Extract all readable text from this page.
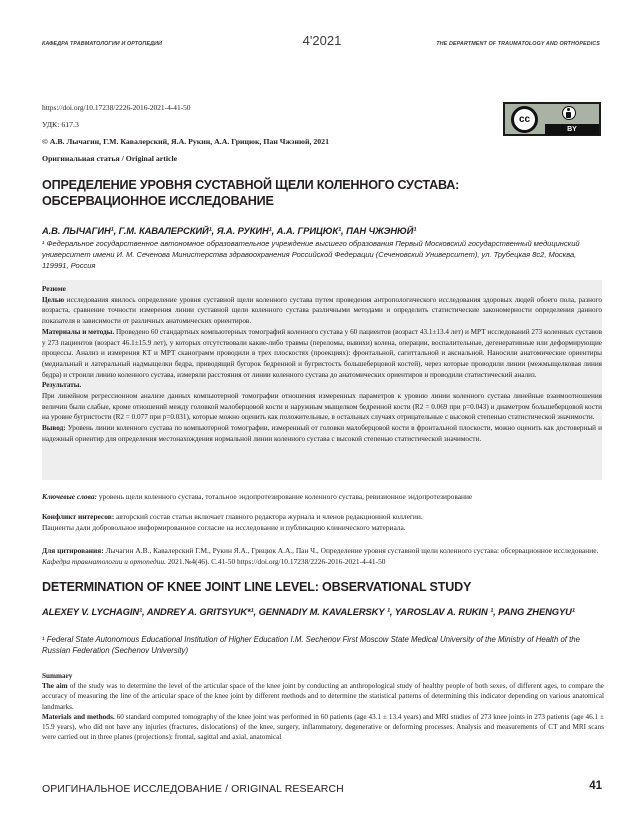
КАФЕДРА ТРАВМАТОЛОГИИ И ОРТОПЕДИИ	4'2021	THE DEPARTMENT OF TRAUMATOLOGY AND ORTHOPEDICS
https://doi.org/10.17238/2226-2016-2021-4-41-50
УДК: 617.3
© А.В. Лычагин, Г.М. Кавалерский, Я.А. Рукин, А.А. Грицюк, Пан Чжэнюй, 2021
Оригинальная статья / Original article
cc
BY
ОПРЕДЕЛЕНИЕ УРОВНЯ СУСТАВНОЙ ЩЕЛИ КОЛЕННОГО СУСТАВА: ОБСЕРВАЦИОННОЕ ИССЛЕДОВАНИЕ
А.В. ЛЫЧАГИН¹, Г.М. КАВАЛЕРСКИЙ¹, Я.А. РУКИН¹, А.А. ГРИЦЮК¹, ПАН ЧЖЭНЮЙ¹
¹ Федеральное государственное автономное образовательное учреждение высшего образования Первый Московский государственный медицинский университет имени И. М. Сеченова Министерства здравоохранения Российской Федерации (Сеченовский Университет), ул. Трубецкая 8с2, Москва, 119991, Россия
Резюме

Целью исследования явилось определение уровня суставной щели коленного сустава путем проведения антропологического исследования здоровых людей обоего пола, разного возраста, сравнение точности измерения линии суставной щели коленного сустава различными методами и определить статистические закономерности определения данного показателя в зависимости от различных анатомических ориентиров.

Материалы и методы. Проведено 60 стандартных компьютерных томографий коленного сустава у 60 пациентов (возраст 43.1±13.4 лет) и МРТ исследований 273 коленных суставов у 273 пациентов (возраст 46.1±15.9 лет), у которых отсутствовали какие-либо травмы (переломы, вывихи) колена, операции, воспалительные, дегенеративные или деформирующие процессы. Анализ и измерения КТ и МРТ сканограмм проводили в трех плоскостях (проекциях): фронтальной, сагиттальной и аксиальной. Наносили анатомические ориентиры (медиальный и латеральный надмыщелки бедра, приводящий бугорок бедренной и бугристость большеберцовой костей), через которые проводили линии (межмыщелковая линия бедра) и строили линию коленного сустава, измеряли расстояния от линии коленного сустава до анатомических ориентиров и проводили статистический анализ.

Результаты.

При линейном регрессионном анализе данных компьютерной томографии отношения измеренных параметров к уровню линии коленного сустава линейные взаимоотношения величин были слабые, кроме отношений между головкой малоберцовой кости и наружным мыщелком бедренной кости (R2 = 0.069 при p=0.043) и диаметром большеберцовой кости на уровне бугристости (R2 = 0.077 при p=0.031), которые можно оценить как положительные, в остальных случаях отрицательные с высокой степенью статистической значимости.

Вывод: Уровень линии коленного сустава по компьютерной томографии, измеренный от головки малоберцовой кости в фронтальной плоскости, можно оценить как достоверный и надежный ориентир для определения местонахождения нормальной линии коленного сустава с высокой степенью статистической значимости.

Ключевые слова: уровень щели коленного сустава, тотальное эндопротезирование коленного сустава, ревизионное эндопротезирование
Конфликт интересов: авторский состав статьи включает главного редактора журнала и членов редакционной коллегии.
Пациенты дали добровольное информированное согласие на исследование и публикацию клинического материала.
Для цитирования: Лычагин А.В., Кавалерский Г.М., Рукин Я.А., Грицюк А.А., Пан Ч., Определение уровня суставной щели коленного сустава: обсервационное исследование. Кафедра травматологии и ортопедии. 2021.№4(46). С.41-50 https://doi.org/10.17238/2226-2016-2021-4-41-50
DETERMINATION OF KNEE JOINT LINE LEVEL: OBSERVATIONAL STUDY
ALEXEY V. LYCHAGIN¹, ANDREY A. GRITSYUK*¹, GENNADIY M. KAVALERSKY ¹, YAROSLAV A. RUKIN ¹, PANG ZHENGYU¹
¹ Federal State Autonomous Educational Institution of Higher Education I.M. Sechenov First Moscow State Medical University of the Ministry of Health of the Russian Federation (Sechenov University)
Summary

The aim of the study was to determine the level of the articular space of the knee joint by conducting an anthropological study of healthy people of both sexes, of different ages, to compare the accuracy of measuring the line of the articular space of the knee joint by different methods and to determine the statistical patterns of determining this indicator depending on various anatomical landmarks.

Materials and methods. 60 standard computed tomography of the knee joint was performed in 60 patients (age 43.1 ± 13.4 years) and MRI studies of 273 knee joints in 273 patients (age 46.1 ± 15.9 years), who did not have any injuries (fractures, dislocations) of the knee, surgery, inflammatory, degenerative or deforming processes. Analysis and measurements of CT and MRI scans were carried out in three planes (projections): frontal, sagittal and axial, anatomical

ОРИГИНАЛЬНОЕ ИССЛЕДОВАНИЕ / ORIGINAL RESEARCH	41
